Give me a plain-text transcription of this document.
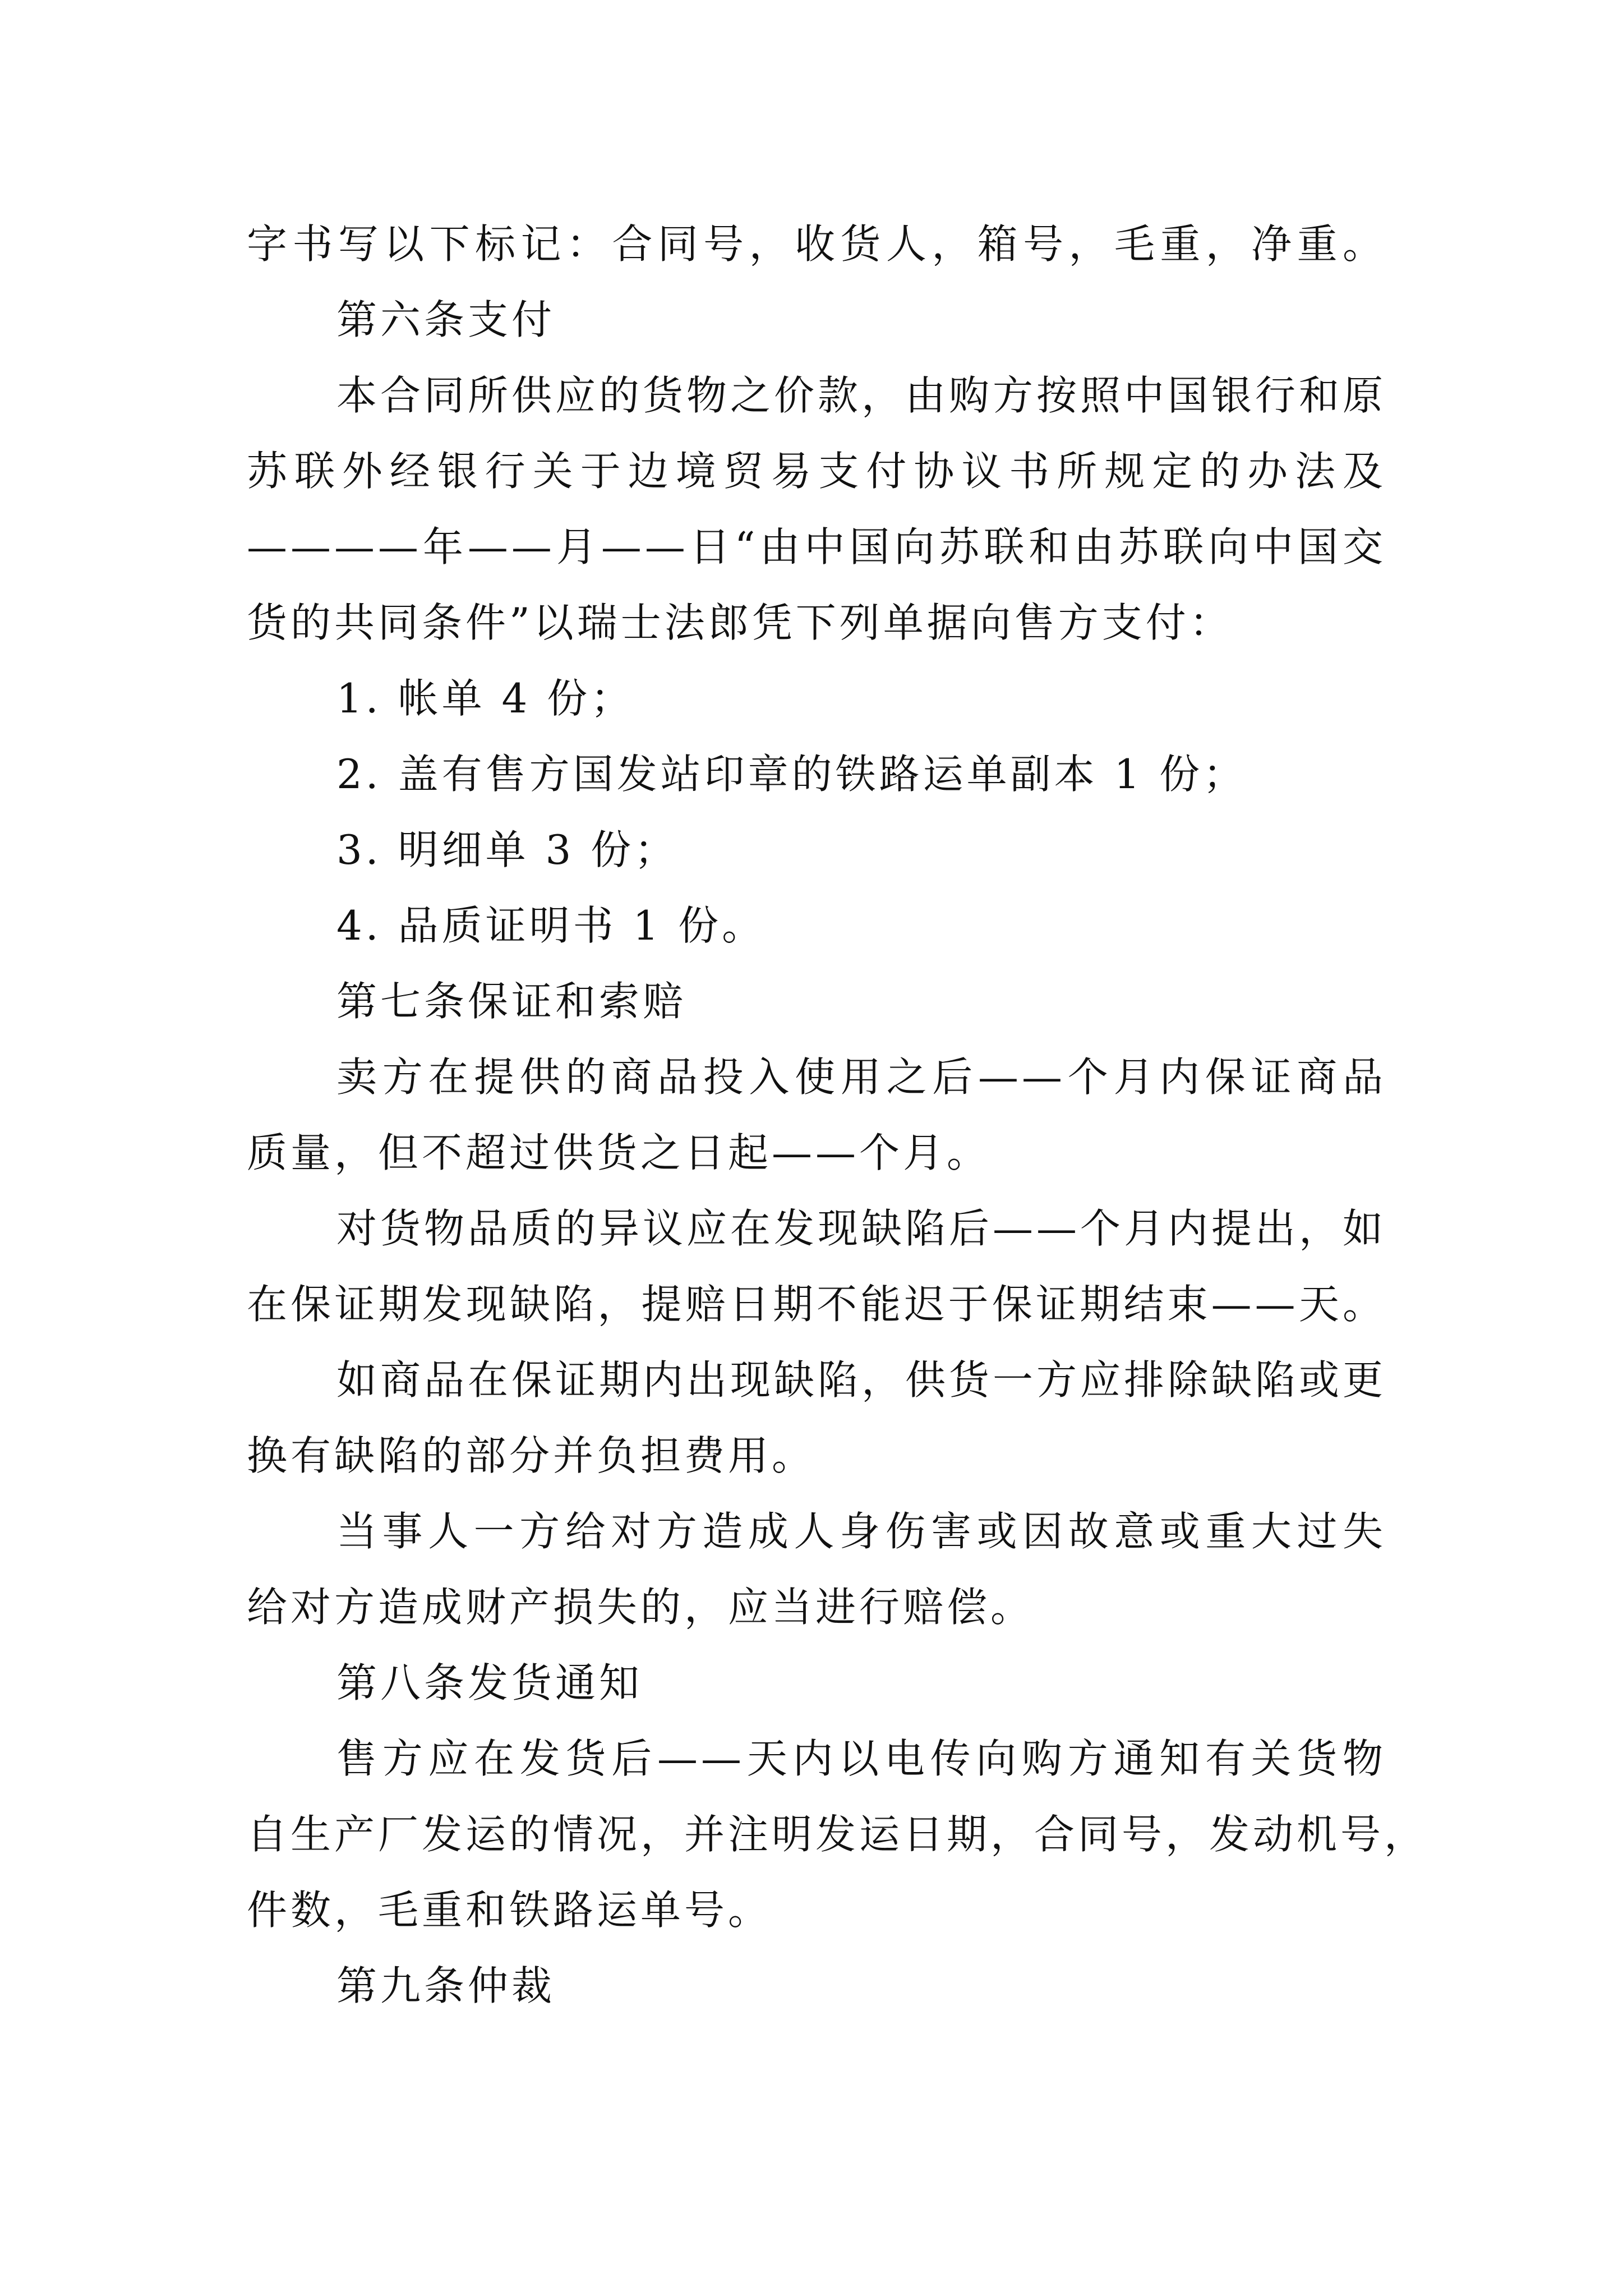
字书写以下标记：合同号，收货人，箱号，毛重，净重。
第六条支付
本合同所供应的货物之价款，由购方按照中国银行和原
苏联外经银行关于边境贸易支付协议书所规定的办法及
————年——月——日“由中国向苏联和由苏联向中国交
货的共同条件”以瑞士法郎凭下列单据向售方支付：
1. 帐单 4 份；
2. 盖有售方国发站印章的铁路运单副本 1 份；
3. 明细单 3 份；
4. 品质证明书 1 份。
第七条保证和索赔
卖方在提供的商品投入使用之后——个月内保证商品
质量，但不超过供货之日起——个月。
对货物品质的异议应在发现缺陷后——个月内提出，如
在保证期发现缺陷，提赔日期不能迟于保证期结束——天。
如商品在保证期内出现缺陷，供货一方应排除缺陷或更
换有缺陷的部分并负担费用。
当事人一方给对方造成人身伤害或因故意或重大过失
给对方造成财产损失的，应当进行赔偿。
第八条发货通知
售方应在发货后——天内以电传向购方通知有关货物
自生产厂发运的情况，并注明发运日期，合同号，发动机号，
件数，毛重和铁路运单号。
第九条仲裁
